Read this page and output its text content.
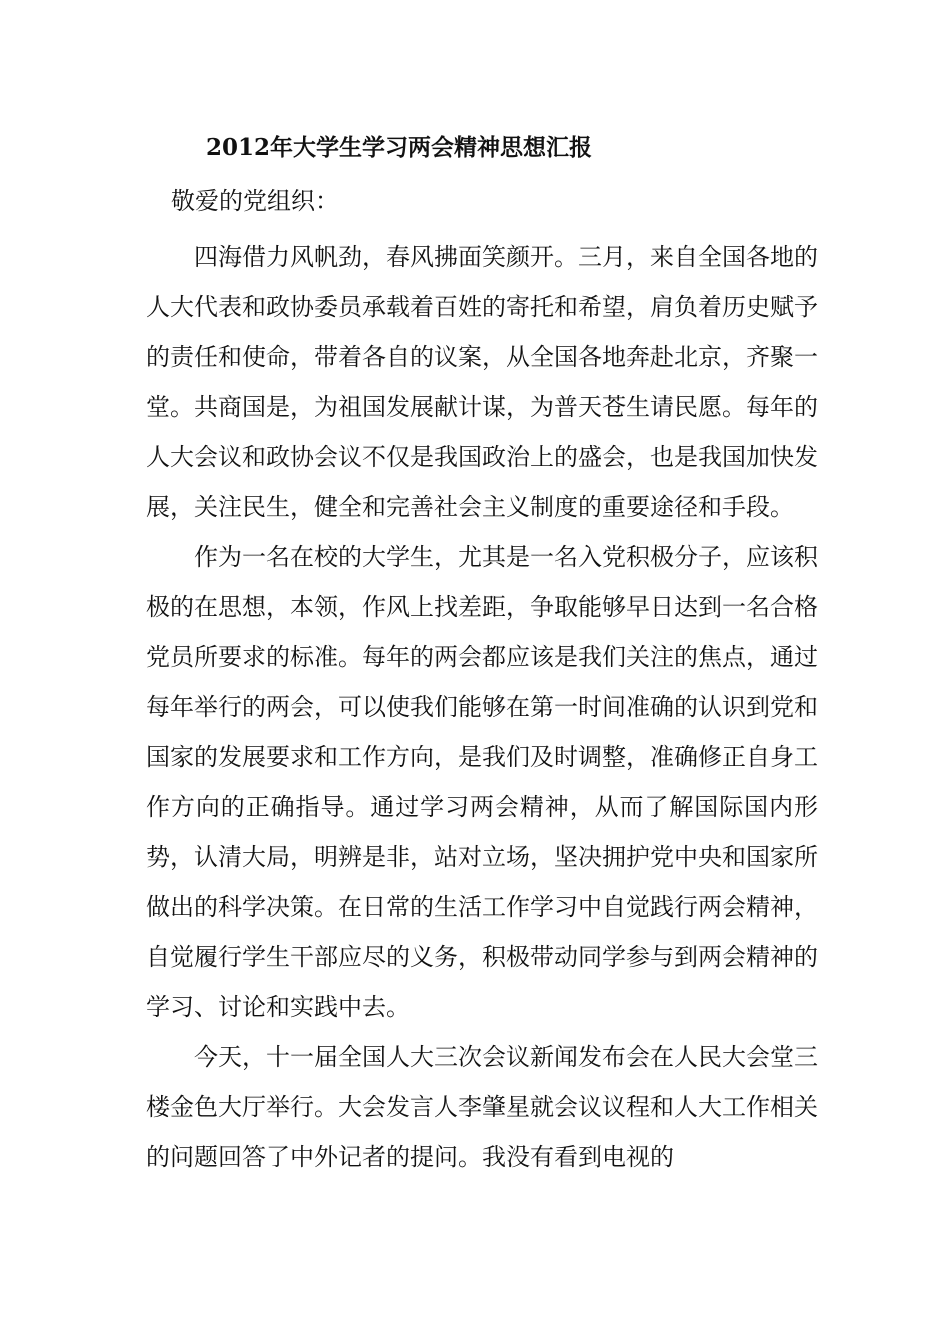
2012年大学生学习两会精神思想汇报
敬爱的党组织：

四海借力风帆劲，春风拂面笑颜开。三月，来自全国各地的人大代表和政协委员承载着百姓的寄托和希望，肩负着历史赋予的责任和使命，带着各自的议案，从全国各地奔赴北京，齐聚一堂。共商国是，为祖国发展献计谋，为普天苍生请民愿。每年的人大会议和政协会议不仅是我国政治上的盛会，也是我国加快发展，关注民生，健全和完善社会主义制度的重要途径和手段。

作为一名在校的大学生，尤其是一名入党积极分子，应该积极的在思想，本领，作风上找差距，争取能够早日达到一名合格党员所要求的标准。每年的两会都应该是我们关注的焦点，通过每年举行的两会，可以使我们能够在第一时间准确的认识到党和国家的发展要求和工作方向，是我们及时调整，准确修正自身工作方向的正确指导。通过学习两会精神，从而了解国际国内形势，认清大局，明辨是非，站对立场，坚决拥护党中央和国家所做出的科学决策。在日常的生活工作学习中自觉践行两会精神，自觉履行学生干部应尽的义务，积极带动同学参与到两会精神的学习、讨论和实践中去。

今天，十一届全国人大三次会议新闻发布会在人民大会堂三楼金色大厅举行。大会发言人李肇星就会议议程和人大工作相关的问题回答了中外记者的提问。我没有看到电视的
